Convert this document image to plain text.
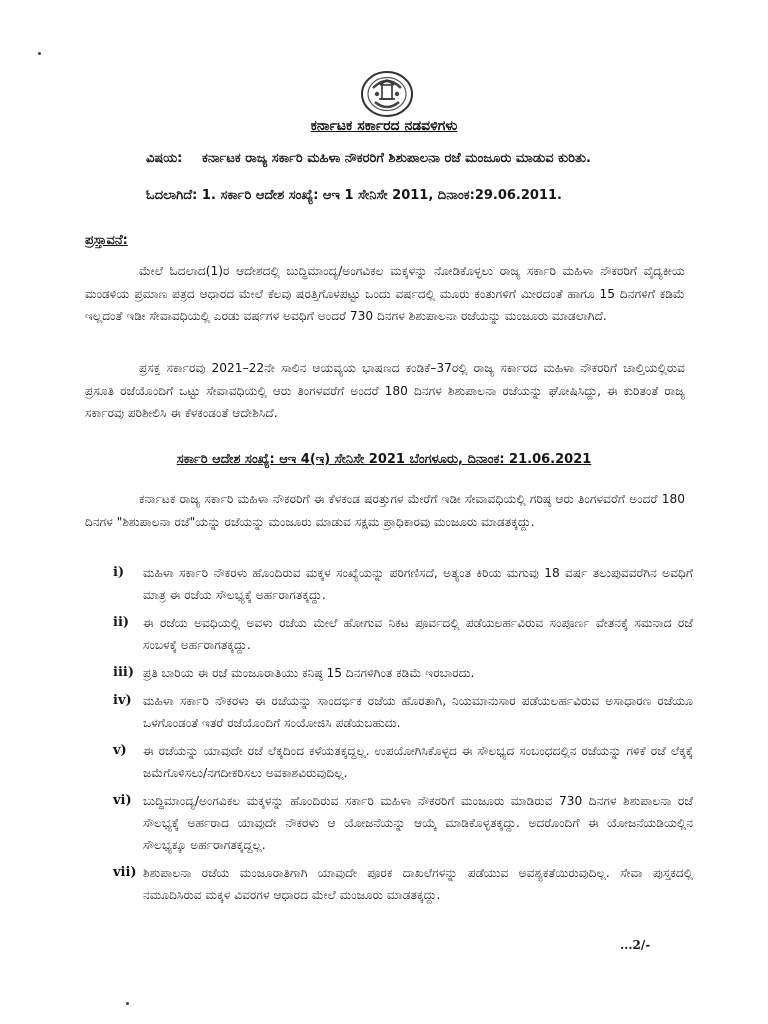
ಕರ್ನಾಟಕ ಸರ್ಕಾರದ ನಡವಳಿಗಳು
ವಿಷಯ: ಕರ್ನಾಟಕ ರಾಜ್ಯ ಸರ್ಕಾರಿ ಮಹಿಳಾ ನೌಕರರಿಗೆ ಶಿಶುಪಾಲನಾ ರಜೆ ಮಂಜೂರು ಮಾಡುವ ಕುರಿತು.
ಓದಲಾಗಿದೆ: 1. ಸರ್ಕಾರಿ ಆದೇಶ ಸಂಖ್ಯೆ: ಆಇ 1 ಸೇನಿಸೇ 2011, ದಿನಾಂಕ:29.06.2011.
ಪ್ರಸ್ತಾವನೆ:
ಮೇಲೆ ಓದಲಾದ(1)ರ ಆದೇಶದಲ್ಲಿ ಬುದ್ಧಿಮಾಂದ್ಯ/ಅಂಗವಿಕಲ ಮಕ್ಕಳನ್ನು ನೋಡಿಕೊಳ್ಳಲು ರಾಜ್ಯ ಸರ್ಕಾರಿ ಮಹಿಳಾ ನೌಕರರಿಗೆ ವೈದ್ಯಕೀಯ ಮಂಡಳಿಯ ಪ್ರಮಾಣ ಪತ್ರದ ಆಧಾರದ ಮೇಲೆ ಕೆಲವು ಷರತ್ತಿಗೊಳಪಟ್ಟು ಒಂದು ವರ್ಷದಲ್ಲಿ ಮೂರು ಕಂತುಗಳಿಗೆ ಮೀರದಂತೆ ಹಾಗೂ 15 ದಿನಗಳಿಗೆ ಕಡಿಮೆ ಇಲ್ಲದಂತೆ ಇಡೀ ಸೇವಾವಧಿಯಲ್ಲಿ ಎರಡು ವರ್ಷಗಳ ಅವಧಿಗೆ ಅಂದರೆ 730 ದಿನಗಳ ಶಿಶುಪಾಲನಾ ರಜೆಯನ್ನು ಮಂಜೂರು ಮಾಡಲಾಗಿದೆ.
ಪ್ರಸಕ್ತ ಸರ್ಕಾರವು 2021–22ನೇ ಸಾಲಿನ ಆಯವ್ಯಯ ಭಾಷಣದ ಕಂಡಿಕೆ–37ರಲ್ಲಿ ರಾಜ್ಯ ಸರ್ಕಾರದ ಮಹಿಳಾ ನೌಕರರಿಗೆ ಚಾಲ್ತಿಯಲ್ಲಿರುವ ಪ್ರಸೂತಿ ರಜೆಯೊಂದಿಗೆ ಒಟ್ಟು ಸೇವಾವಧಿಯಲ್ಲಿ ಆರು ತಿಂಗಳವರೆಗೆ ಅಂದರೆ 180 ದಿನಗಳ ಶಿಶುಪಾಲನಾ ರಜೆಯನ್ನು ಘೋಷಿಸಿದ್ದು, ಈ ಕುರಿತಂತೆ ರಾಜ್ಯ ಸರ್ಕಾರವು ಪರಿಶೀಲಿಸಿ ಈ ಕೆಳಕಂಡಂತೆ ಆದೇಶಿಸಿದೆ.
ಸರ್ಕಾರಿ ಆದೇಶ ಸಂಖ್ಯೆ: ಆಇ 4(ಇ) ಸೇನಿಸೇ 2021 ಬೆಂಗಳೂರು, ದಿನಾಂಕ: 21.06.2021
ಕರ್ನಾಟಕ ರಾಜ್ಯ ಸರ್ಕಾರಿ ಮಹಿಳಾ ನೌಕರರಿಗೆ ಈ ಕೆಳಕಂಡ ಷರತ್ತುಗಳ ಮೇರೆಗೆ ಇಡೀ ಸೇವಾವಧಿಯಲ್ಲಿ ಗರಿಷ್ಠ ಆರು ತಿಂಗಳವರೆಗೆ ಅಂದರೆ 180 ದಿನಗಳ "ಶಿಶುಪಾಲನಾ ರಜೆ"ಯನ್ನು ರಜೆಯನ್ನು ಮಂಜೂರು ಮಾಡುವ ಸಕ್ಷಮ ಪ್ರಾಧಿಕಾರವು ಮಂಜೂರು ಮಾಡತಕ್ಕದ್ದು.
i)	ಮಹಿಳಾ ಸರ್ಕಾರಿ ನೌಕರಳು ಹೊಂದಿರುವ ಮಕ್ಕಳ ಸಂಖ್ಯೆಯನ್ನು ಪರಿಗಣಿಸದೆ, ಅತ್ಯಂತ ಕಿರಿಯ ಮಗುವು 18 ವರ್ಷ ತಲುಪುವವರೆಗಿನ ಅವಧಿಗೆ ಮಾತ್ರ ಈ ರಜೆಯ ಸೌಲಭ್ಯಕ್ಕೆ ಅರ್ಹರಾಗತಕ್ಕದ್ದು.
ii)	ಈ ರಜೆಯ ಅವಧಿಯಲ್ಲಿ ಅವಳು ರಜೆಯ ಮೇಲೆ ಹೋಗುವ ನಿಕಟ ಪೂರ್ವದಲ್ಲಿ ಪಡೆಯಲರ್ಹವಿರುವ ಸಂಪೂರ್ಣ ವೇತನಕ್ಕೆ ಸಮನಾದ ರಜೆ ಸಂಬಳಕ್ಕೆ ಅರ್ಹರಾಗತಕ್ಕದ್ದು.
iii) ಪ್ರತಿ ಬಾರಿಯ ಈ ರಜೆ ಮಂಜೂರಾತಿಯು ಕನಿಷ್ಠ 15 ದಿನಗಳಿಗಿಂತ ಕಡಿಮೆ ಇರಬಾರದು.
iv) ಮಹಿಳಾ ಸರ್ಕಾರಿ ನೌಕರಳು ಈ ರಜೆಯನ್ನು ಸಾಂದರ್ಭಿಕ ರಜೆಯ ಹೊರತಾಗಿ, ನಿಯಮಾನುಸಾರ ಪಡೆಯಲರ್ಹವಿರುವ ಅಸಾಧಾರಣ ರಜೆಯೂ ಒಳಗೊಂಡಂತೆ ಇತರೆ ರಜೆಯೊಂದಿಗೆ ಸಂಯೋಜಿಸಿ ಪಡೆಯಬಹುದು.
v)	ಈ ರಜೆಯನ್ನು ಯಾವುದೇ ರಜೆ ಲೆಕ್ಕದಿಂದ ಕಳೆಯತಕ್ಕದ್ದಲ್ಲ. ಉಪಯೋಗಿಸಿಕೊಳ್ಳದ ಈ ಸೌಲಭ್ಯದ ಸಂಬಂಧದಲ್ಲಿನ ರಜೆಯನ್ನು ಗಳಿಕೆ ರಜೆ ಲೆಕ್ಕಕ್ಕೆ ಜಮೆಗೊಳಿಸಲು/ನಗದೀಕರಿಸಲು ಅವಕಾಶವಿರುವುದಿಲ್ಲ.
vi) ಬುದ್ಧಿಮಾಂದ್ಯ/ಅಂಗವಿಕಲ ಮಕ್ಕಳನ್ನು ಹೊಂದಿರುವ ಸರ್ಕಾರಿ ಮಹಿಳಾ ನೌಕರರಿಗೆ ಮಂಜೂರು ಮಾಡಿರುವ 730 ದಿನಗಳ ಶಿಶುಪಾಲನಾ ರಜೆ ಸೌಲಭ್ಯಕ್ಕೆ ಅರ್ಹರಾದ ಯಾವುದೇ ನೌಕರಳು ಆ ಯೋಜನೆಯನ್ನು ಆಯ್ಕೆ ಮಾಡಿಕೊಳ್ಳತಕ್ಕದ್ದು. ಅದರೊಂದಿಗೆ ಈ ಯೋಜನೆಯಡಿಯಲ್ಲಿನ ಸೌಲಭ್ಯಕ್ಕೂ ಅರ್ಹರಾಗತಕ್ಕದ್ದಲ್ಲ.
vii) ಶಿಶುಪಾಲನಾ ರಜೆಯ ಮಂಜೂರಾತಿಗಾಗಿ ಯಾವುದೇ ಪೂರಕ ದಾಖಲೆಗಳನ್ನು ಪಡೆಯುವ ಅವಶ್ಯಕತೆಯಿರುವುದಿಲ್ಲ. ಸೇವಾ ಪುಸ್ತಕದಲ್ಲಿ ನಮೂದಿಸಿರುವ ಮಕ್ಕಳ ವಿವರಗಳ ಆಧಾರದ ಮೇಲೆ ಮಂಜೂರು ಮಾಡತಕ್ಕದ್ದು.
...2/-
